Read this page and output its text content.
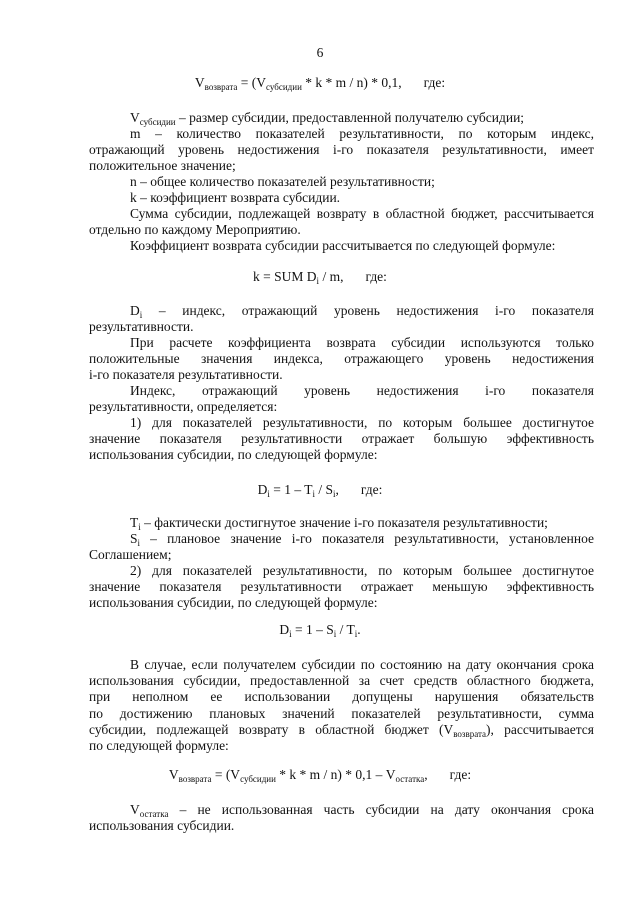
6
$V_{возврата} = (V_{субсидии} * k * m / n) * 0,1$, где:

$V_{субсидии}$ – размер субсидии, предоставленной получателю субсидии;

m – количество показателей результативности, по которым индекс,
отражающий уровень недостижения i-го показателя результативности, имеет
положительное значение;

n – общее количество показателей результативности;

k – коэффициент возврата субсидии.

Сумма субсидии, подлежащей возврату в областной бюджет, рассчитывается
отдельно по каждому Мероприятию.

Коэффициент возврата субсидии рассчитывается по следующей формуле:

k = SUM $D_i$ / m, где:

$D_i$ – индекс, отражающий уровень недостижения i-го показателя
результативности.

При расчете коэффициента возврата субсидии используются только
положительные значения индекса, отражающего уровень недостижения
i-го показателя результативности.

Индекс, отражающий уровень недостижения i-го показателя
результативности, определяется:

1) для показателей результативности, по которым большее достигнутое
значение показателя результативности отражает большую эффективность
использования субсидии, по следующей формуле:

$D_i = 1 - T_i / S_i$, где:

$T_i$ – фактически достигнутое значение i-го показателя результативности;

$S_i$ – плановое значение i-го показателя результативности, установленное
Соглашением;

2) для показателей результативности, по которым большее достигнутое
значение показателя результативности отражает меньшую эффективность
использования субсидии, по следующей формуле:

$D_i = 1 - S_i / T_i$.

В случае, если получателем субсидии по состоянию на дату окончания срока
использования субсидии, предоставленной за счет средств областного бюджета,
при неполном ее использовании допущены нарушения обязательств
по достижению плановых значений показателей результативности, сумма
субсидии, подлежащей возврату в областной бюджет $(V_{возврата})$, рассчитывается
по следующей формуле:

$V_{возврата} = (V_{субсидии} * k * m / n) * 0,1 - V_{остатка}$, где:

$V_{остатка}$ – не использованная часть субсидии на дату окончания срока
использования субсидии.
